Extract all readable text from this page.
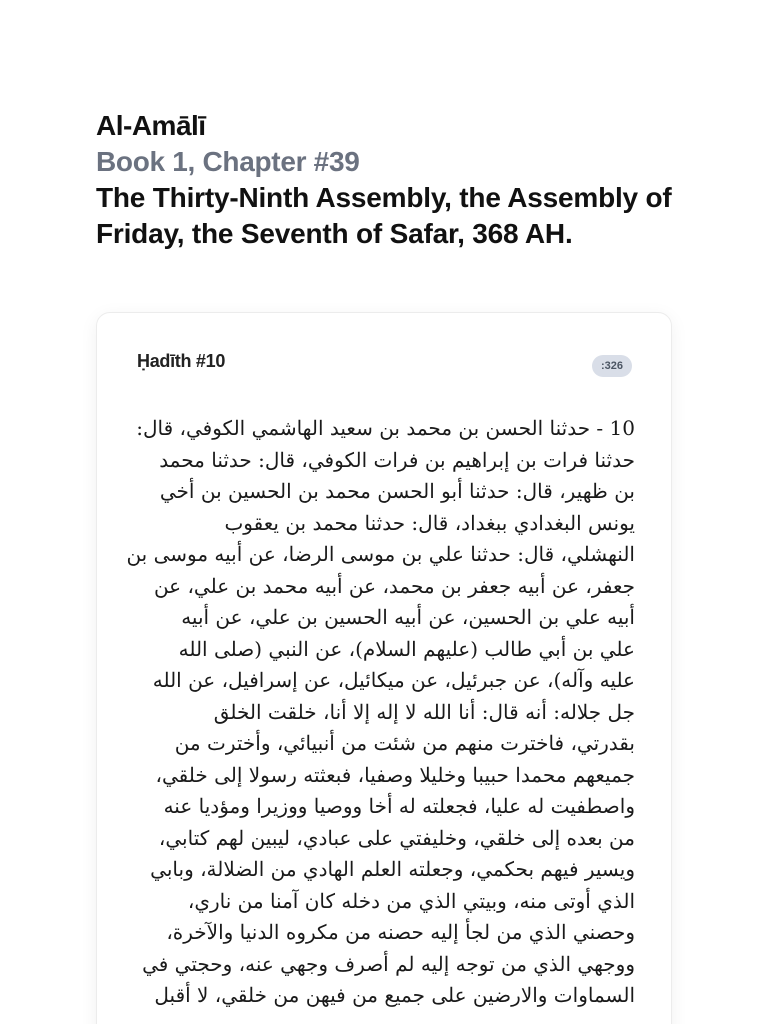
Al-Amālī
Book 1, Chapter #39
The Thirty-Ninth Assembly, the Assembly of Friday, the Seventh of Safar, 368 AH.
Ḥadīth #10	:326
10 - حدثنا الحسن بن محمد بن سعيد الهاشمي الكوفي، قال:
حدثنا فرات بن إبراهيم بن فرات الكوفي، قال: حدثنا محمد
بن ظهير، قال: حدثنا أبو الحسن محمد بن الحسين بن أخي
يونس البغدادي ببغداد، قال: حدثنا محمد بن يعقوب
النهشلي، قال: حدثنا علي بن موسى الرضا، عن أبيه موسى بن
جعفر، عن أبيه جعفر بن محمد، عن أبيه محمد بن علي، عن
أبيه علي بن الحسين، عن أبيه الحسين بن علي، عن أبيه
علي بن أبي طالب (عليهم السلام)، عن النبي (صلى الله
عليه وآله)، عن جبرئيل، عن ميكائيل، عن إسرافيل، عن الله
جل جلاله: أنه قال: أنا الله لا إله إلا أنا، خلقت الخلق
بقدرتي، فاخترت منهم من شئت من أنبيائي، وأخترت من
جميعهم محمدا حبيبا وخليلا وصفيا، فبعثته رسولا إلى خلقي،
واصطفيت له عليا، فجعلته له أخا ووصيا ووزيرا ومؤديا عنه
من بعده إلى خلقي، وخليفتي على عبادي، ليبين لهم كتابي،
ويسير فيهم بحكمي، وجعلته العلم الهادي من الضلالة، وبابي
الذي أوتى منه، وبيتي الذي من دخله كان آمنا من ناري،
وحصني الذي من لجأ إليه حصنه من مكروه الدنيا والآخرة،
ووجهي الذي من توجه إليه لم أصرف وجهي عنه، وحجتي في
السماوات والارضين على جميع من فيهن من خلقي، لا أقبل
